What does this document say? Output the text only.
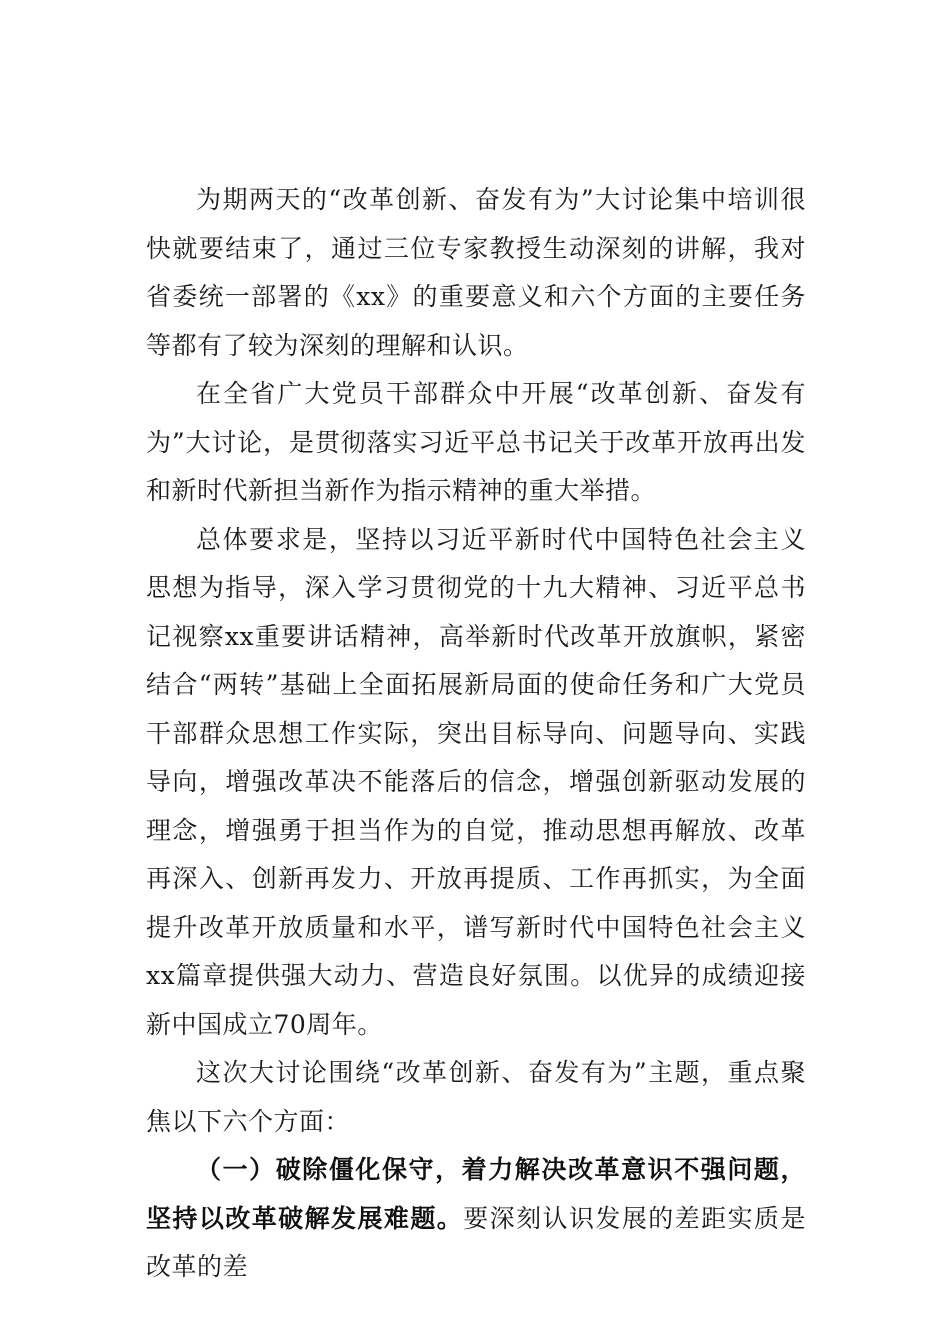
为期两天的“改革创新、奋发有为”大讨论集中培训很快就要结束了，通过三位专家教授生动深刻的讲解，我对省委统一部署的《xx》的重要意义和六个方面的主要任务等都有了较为深刻的理解和认识。

在全省广大党员干部群众中开展“改革创新、奋发有为”大讨论，是贯彻落实习近平总书记关于改革开放再出发和新时代新担当新作为指示精神的重大举措。

总体要求是，坚持以习近平新时代中国特色社会主义思想为指导，深入学习贯彻党的十九大精神、习近平总书记视察xx重要讲话精神，高举新时代改革开放旗帜，紧密结合“两转”基础上全面拓展新局面的使命任务和广大党员干部群众思想工作实际，突出目标导向、问题导向、实践导向，增强改革决不能落后的信念，增强创新驱动发展的理念，增强勇于担当作为的自觉，推动思想再解放、改革再深入、创新再发力、开放再提质、工作再抓实，为全面提升改革开放质量和水平，谱写新时代中国特色社会主义xx篇章提供强大动力、营造良好氛围。以优异的成绩迎接新中国成立70周年。

这次大讨论围绕“改革创新、奋发有为”主题，重点聚焦以下六个方面：

（一）破除僵化保守，着力解决改革意识不强问题，坚持以改革破解发展难题。要深刻认识发展的差距实质是改革的差
